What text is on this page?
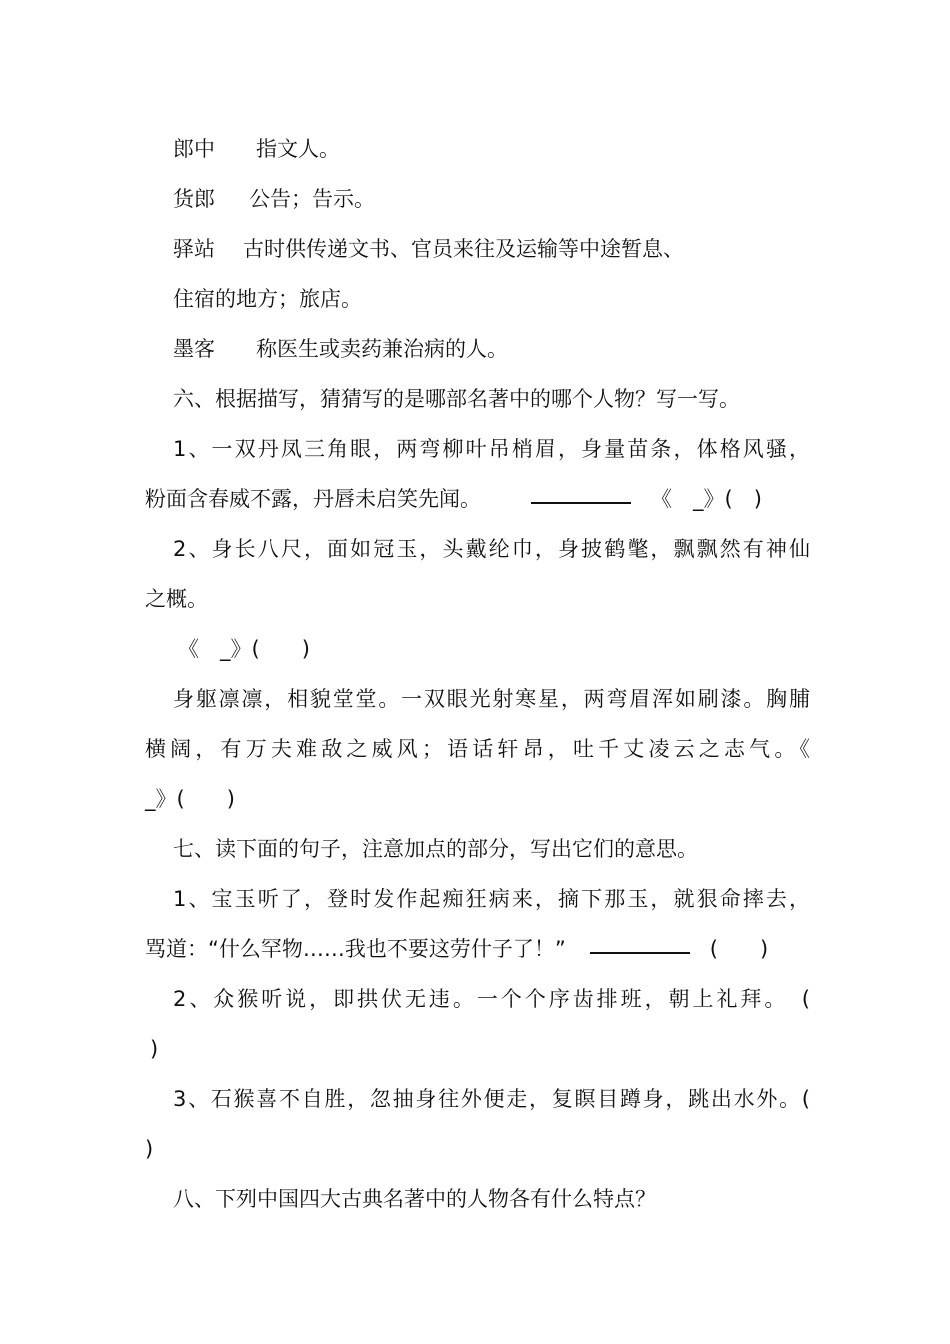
郎中 指文人。
货郎 公告；告示。
驿站 古时供传递文书、官员来往及运输等中途暂息、
住宿的地方；旅店。
墨客 称医生或卖药兼治病的人。
六、根据描写，猜猜写的是哪部名著中的哪个人物？写一写。
1、一双丹凤三角眼，两弯柳叶吊梢眉，身量苗条，体格风骚，
粉面含春威不露，丹唇未启笑先闻。	《　_》(　)
2、身长八尺，面如冠玉，头戴纶巾，身披鹤氅，飘飘然有神仙
之概。
《　_》(　　)
身躯凛凛，相貌堂堂。一双眼光射寒星，两弯眉浑如刷漆。胸脯
横阔，有万夫难敌之威风；语话轩昂，吐千丈凌云之志气。《
_》(　　)
七、读下面的句子，注意加点的部分，写出它们的意思。
1、宝玉听了，登时发作起痴狂病来，摘下那玉，就狠命摔去，
骂道：“什么罕物……我也不要这劳什子了！”	(　　)
2、众猴听说，即拱伏无违。一个个序齿排班，朝上礼拜。　(
)
3、石猴喜不自胜，忽抽身往外便走，复瞑目蹲身，跳出水外。(
)
八、下列中国四大古典名著中的人物各有什么特点？
